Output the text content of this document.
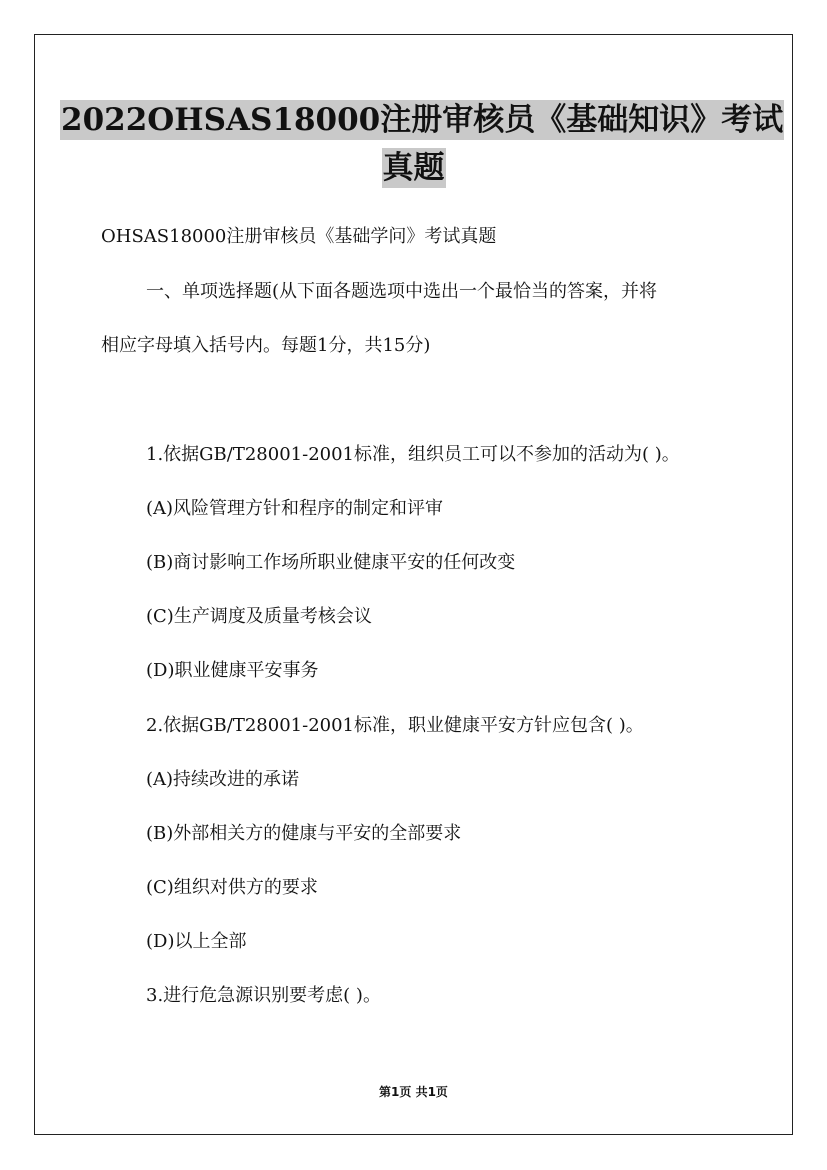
2022OHSAS18000注册审核员《基础知识》考试
真题
OHSAS18000注册审核员《基础学问》考试真题
一、单项选择题(从下面各题选项中选出一个最恰当的答案，并将
相应字母填入括号内。每题1分，共15分)
1.依据GB/T28001-2001标准，组织员工可以不参加的活动为( )。
(A)风险管理方针和程序的制定和评审
(B)商讨影响工作场所职业健康平安的任何改变
(C)生产调度及质量考核会议
(D)职业健康平安事务
2.依据GB/T28001-2001标准，职业健康平安方针应包含( )。
(A)持续改进的承诺
(B)外部相关方的健康与平安的全部要求
(C)组织对供方的要求
(D)以上全部
3.进行危急源识别要考虑( )。
第1页 共1页
